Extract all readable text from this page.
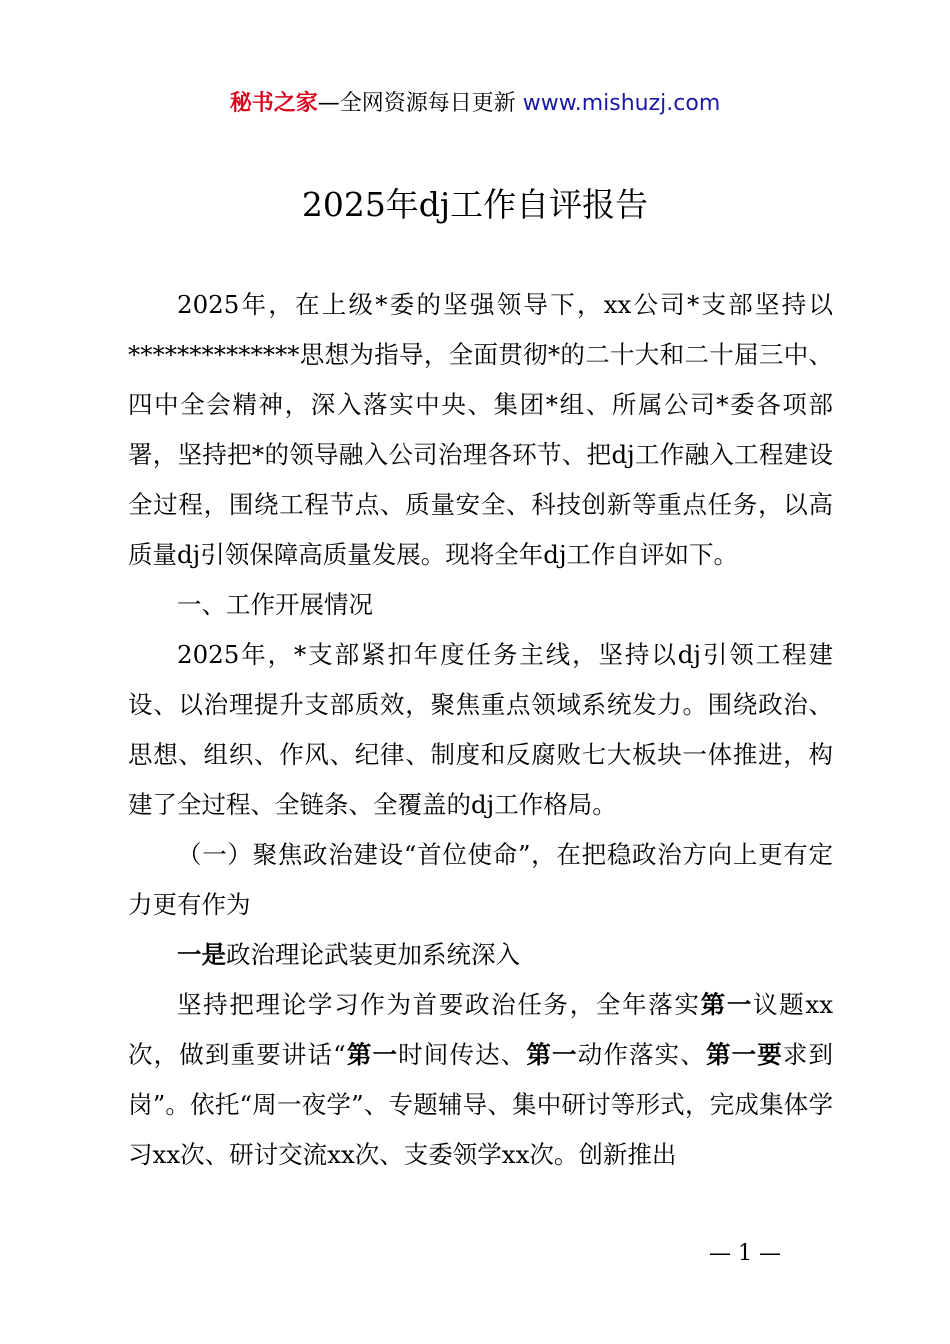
秘书之家—全网资源每日更新 www.mishuzj.com
2025年dj工作自评报告

2025年，在上级*委的坚强领导下，xx公司*支部坚持以**************思想为指导，全面贯彻*的二十大和二十届三中、四中全会精神，深入落实中央、集团*组、所属公司*委各项部署，坚持把*的领导融入公司治理各环节、把dj工作融入工程建设全过程，围绕工程节点、质量安全、科技创新等重点任务，以高质量dj引领保障高质量发展。现将全年dj工作自评如下。

一、工作开展情况

2025年，*支部紧扣年度任务主线，坚持以dj引领工程建设、以治理提升支部质效，聚焦重点领域系统发力。围绕政治、思想、组织、作风、纪律、制度和反腐败七大板块一体推进，构建了全过程、全链条、全覆盖的dj工作格局。

（一）聚焦政治建设“首位使命”，在把稳政治方向上更有定力更有作为

一是政治理论武装更加系统深入

坚持把理论学习作为首要政治任务，全年落实第一议题xx次，做到重要讲话“第一时间传达、第一动作落实、第一要求到岗”。依托“周一夜学”、专题辅导、集中研讨等形式，完成集体学习xx次、研讨交流xx次、支委领学xx次。创新推出

— 1 —
